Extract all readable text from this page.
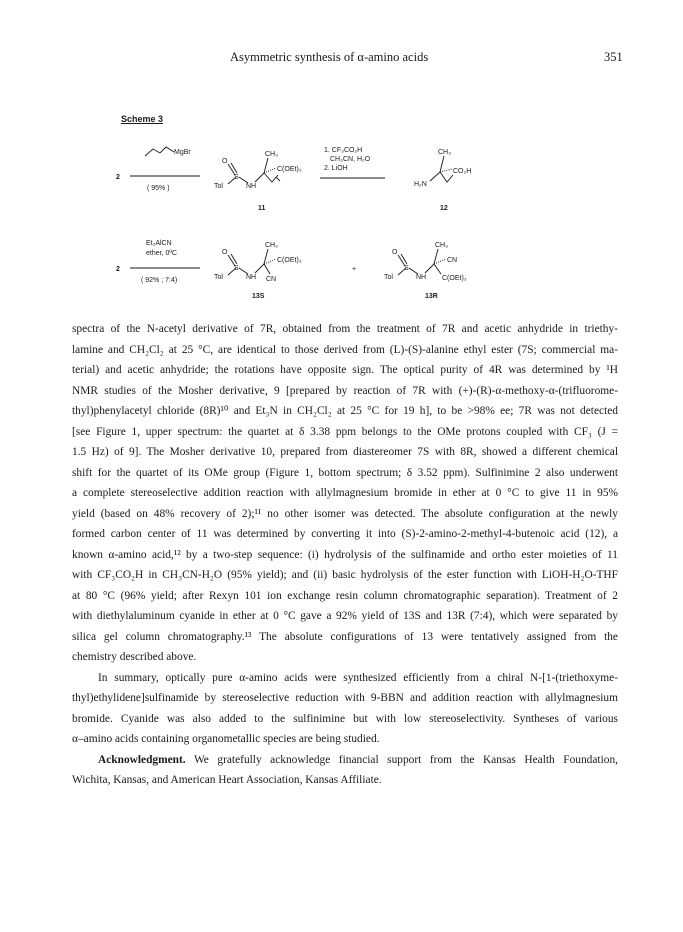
Asymmetric synthesis of α-amino acids	351
Scheme 3
2
MgBr
( 95% )
O
S
Tol	NH
CH₃
C(OEt)₃
11
1. CF₃CO₂H
CH₃CN, H₂O
2. LiOH
CH₃
CO₂H
H₂N
12
2
Et₂AlCN
ether, 0ºC
( 92% ; 7:4)
O
S
Tol	NH
CH₃
C(OEt)₃
CN
13S
+
O
S
Tol	NH
CH₃
CN
C(OEt)₃
13R

spectra of the N-acetyl derivative of 7R, obtained from the treatment of 7R and acetic anhydride in triethy-

lamine and CH₂Cl₂ at 25 °C, are identical to those derived from (L)-(S)-alanine ethyl ester (7S; commercial ma-

terial) and acetic anhydride; the rotations have opposite sign. The optical purity of 4R was determined by ¹H

NMR studies of the Mosher derivative, 9 [prepared by reaction of 7R with (+)-(R)-α-methoxy-α-(trifluorome-

thyl)phenylacetyl chloride (8R)¹⁰ and Et₃N in CH₂Cl₂ at 25 °C for 19 h], to be >98% ee; 7R was not detected

[see Figure 1, upper spectrum: the quartet at δ 3.38 ppm belongs to the OMe protons coupled with CF₃ (J =

1.5 Hz) of 9]. The Mosher derivative 10, prepared from diastereomer 7S with 8R, showed a different chemical

shift for the quartet of its OMe group (Figure 1, bottom spectrum; δ 3.52 ppm). Sulfinimine 2 also underwent

a complete stereoselective addition reaction with allylmagnesium bromide in ether at 0 °C to give 11 in 95%

yield (based on 48% recovery of 2);¹¹ no other isomer was detected. The absolute configuration at the newly

formed carbon center of 11 was determined by converting it into (S)-2-amino-2-methyl-4-butenoic acid (12), a

known α-amino acid,¹² by a two-step sequence: (i) hydrolysis of the sulfinamide and ortho ester moieties of 11

with CF₃CO₂H in CH₃CN-H₂O (95% yield); and (ii) basic hydrolysis of the ester function with LiOH-H₂O-THF

at 80 °C (96% yield; after Rexyn 101 ion exchange resin column chromatographic separation). Treatment of 2

with diethylaluminum cyanide in ether at 0 °C gave a 92% yield of 13S and 13R (7:4), which were separated by

silica gel column chromatography.¹³ The absolute configurations of 13 were tentatively assigned from the

chemistry described above.

In summary, optically pure α-amino acids were synthesized efficiently from a chiral N-[1-(triethoxyme-

thyl)ethylidene]sulfinamide by stereoselective reduction with 9-BBN and addition reaction with allylmagnesium

bromide. Cyanide was also added to the sulfinimine but with low stereoselectivity. Syntheses of various

α–amino acids containing organometallic species are being studied.

Acknowledgment. We gratefully acknowledge financial support from the Kansas Health Foundation,

Wichita, Kansas, and American Heart Association, Kansas Affiliate.
